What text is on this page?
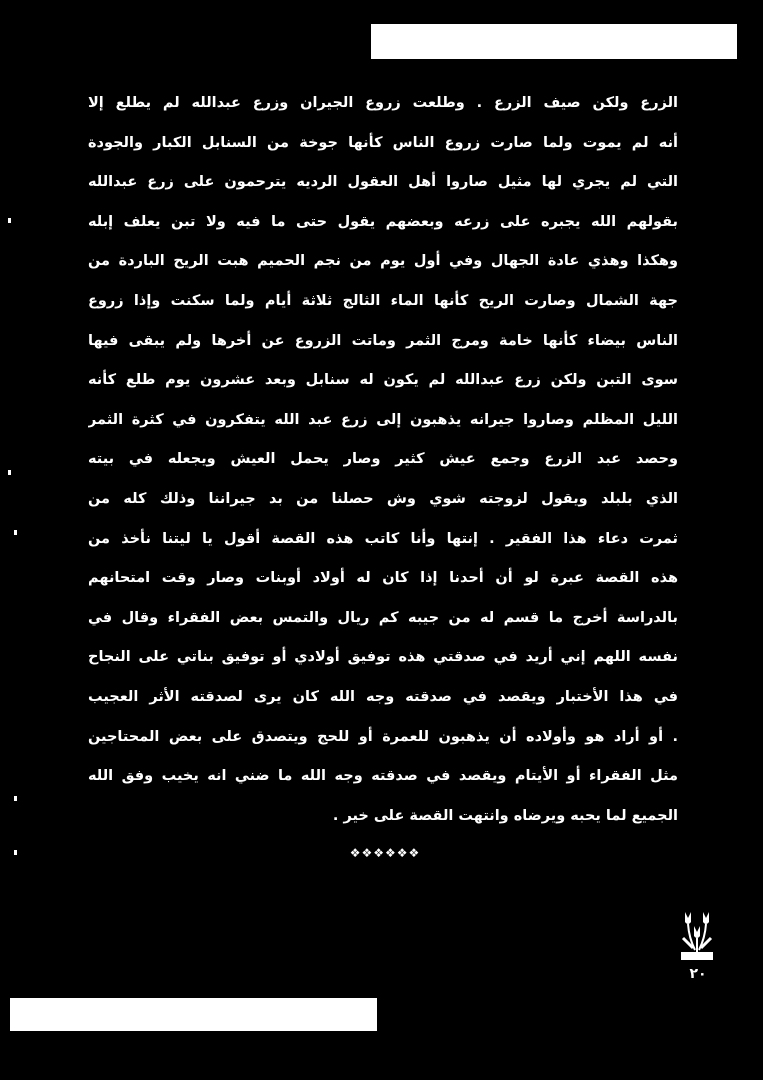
الزرع ولكن صيف الزرع . وطلعت زروع الجيران وزرع عبدالله لم يطلع إلا
أنه لم يموت ولما صارت زروع الناس كأنها جوخة من السنابل الكبار والجودة
التي لم يجري لها مثيل صاروا أهل العقول الرديه يترحمون على زرع عبدالله
بقولهم الله يجبره على زرعه وبعضهم يقول حتى ما فيه ولا تبن يعلف إبله
وهكذا وهذي عادة الجهال وفي أول يوم من نجم الحميم هبت الريح الباردة من
جهة الشمال وصارت الريح كأنها الماء الثالج ثلاثة أيام ولما سكنت وإذا زروع
الناس بيضاء كأنها خامة ومرج الثمر وماتت الزروع عن أخرها ولم يبقى فيها
سوى التبن ولكن زرع عبدالله لم يكون له سنابل وبعد عشرون يوم طلع كأنه
الليل المظلم وصاروا جيرانه يذهبون إلى زرع عبد الله يتفكرون في كثرة الثمر
وحصد عبد الزرع وجمع عيش كثير وصار يحمل العيش ويجعله في بيته
الذي بلبلد ويقول لزوجته شوي وش حصلنا من بد جيراننا وذلك كله من
ثمرت دعاء هذا الفقير . إنتها وأنا كاتب هذه القصة أقول يا ليتنا نأخذ من
هذه القصة عبرة لو أن أحدنا إذا كان له أولاد أوبنات وصار وقت امتحانهم
بالدراسة أخرج ما قسم له من جيبه كم ريال والتمس بعض الفقراء وقال في
نفسه اللهم إني أريد في صدقتي هذه توفيق أولادي أو توفيق بناتي على النجاح
في هذا الأختبار ويقصد في صدقته وجه الله كان يرى لصدقته الأثر العجيب
. أو أراد هو وأولاده أن يذهبون للعمرة أو للحج ويتصدق على بعض المحتاجين
مثل الفقراء أو الأيتام ويقصد في صدقته وجه الله ما ضني انه يخيب وفق الله
الجميع لما يحبه ويرضاه وانتهت القصة على خير .
❖❖❖❖❖❖
٢٠
